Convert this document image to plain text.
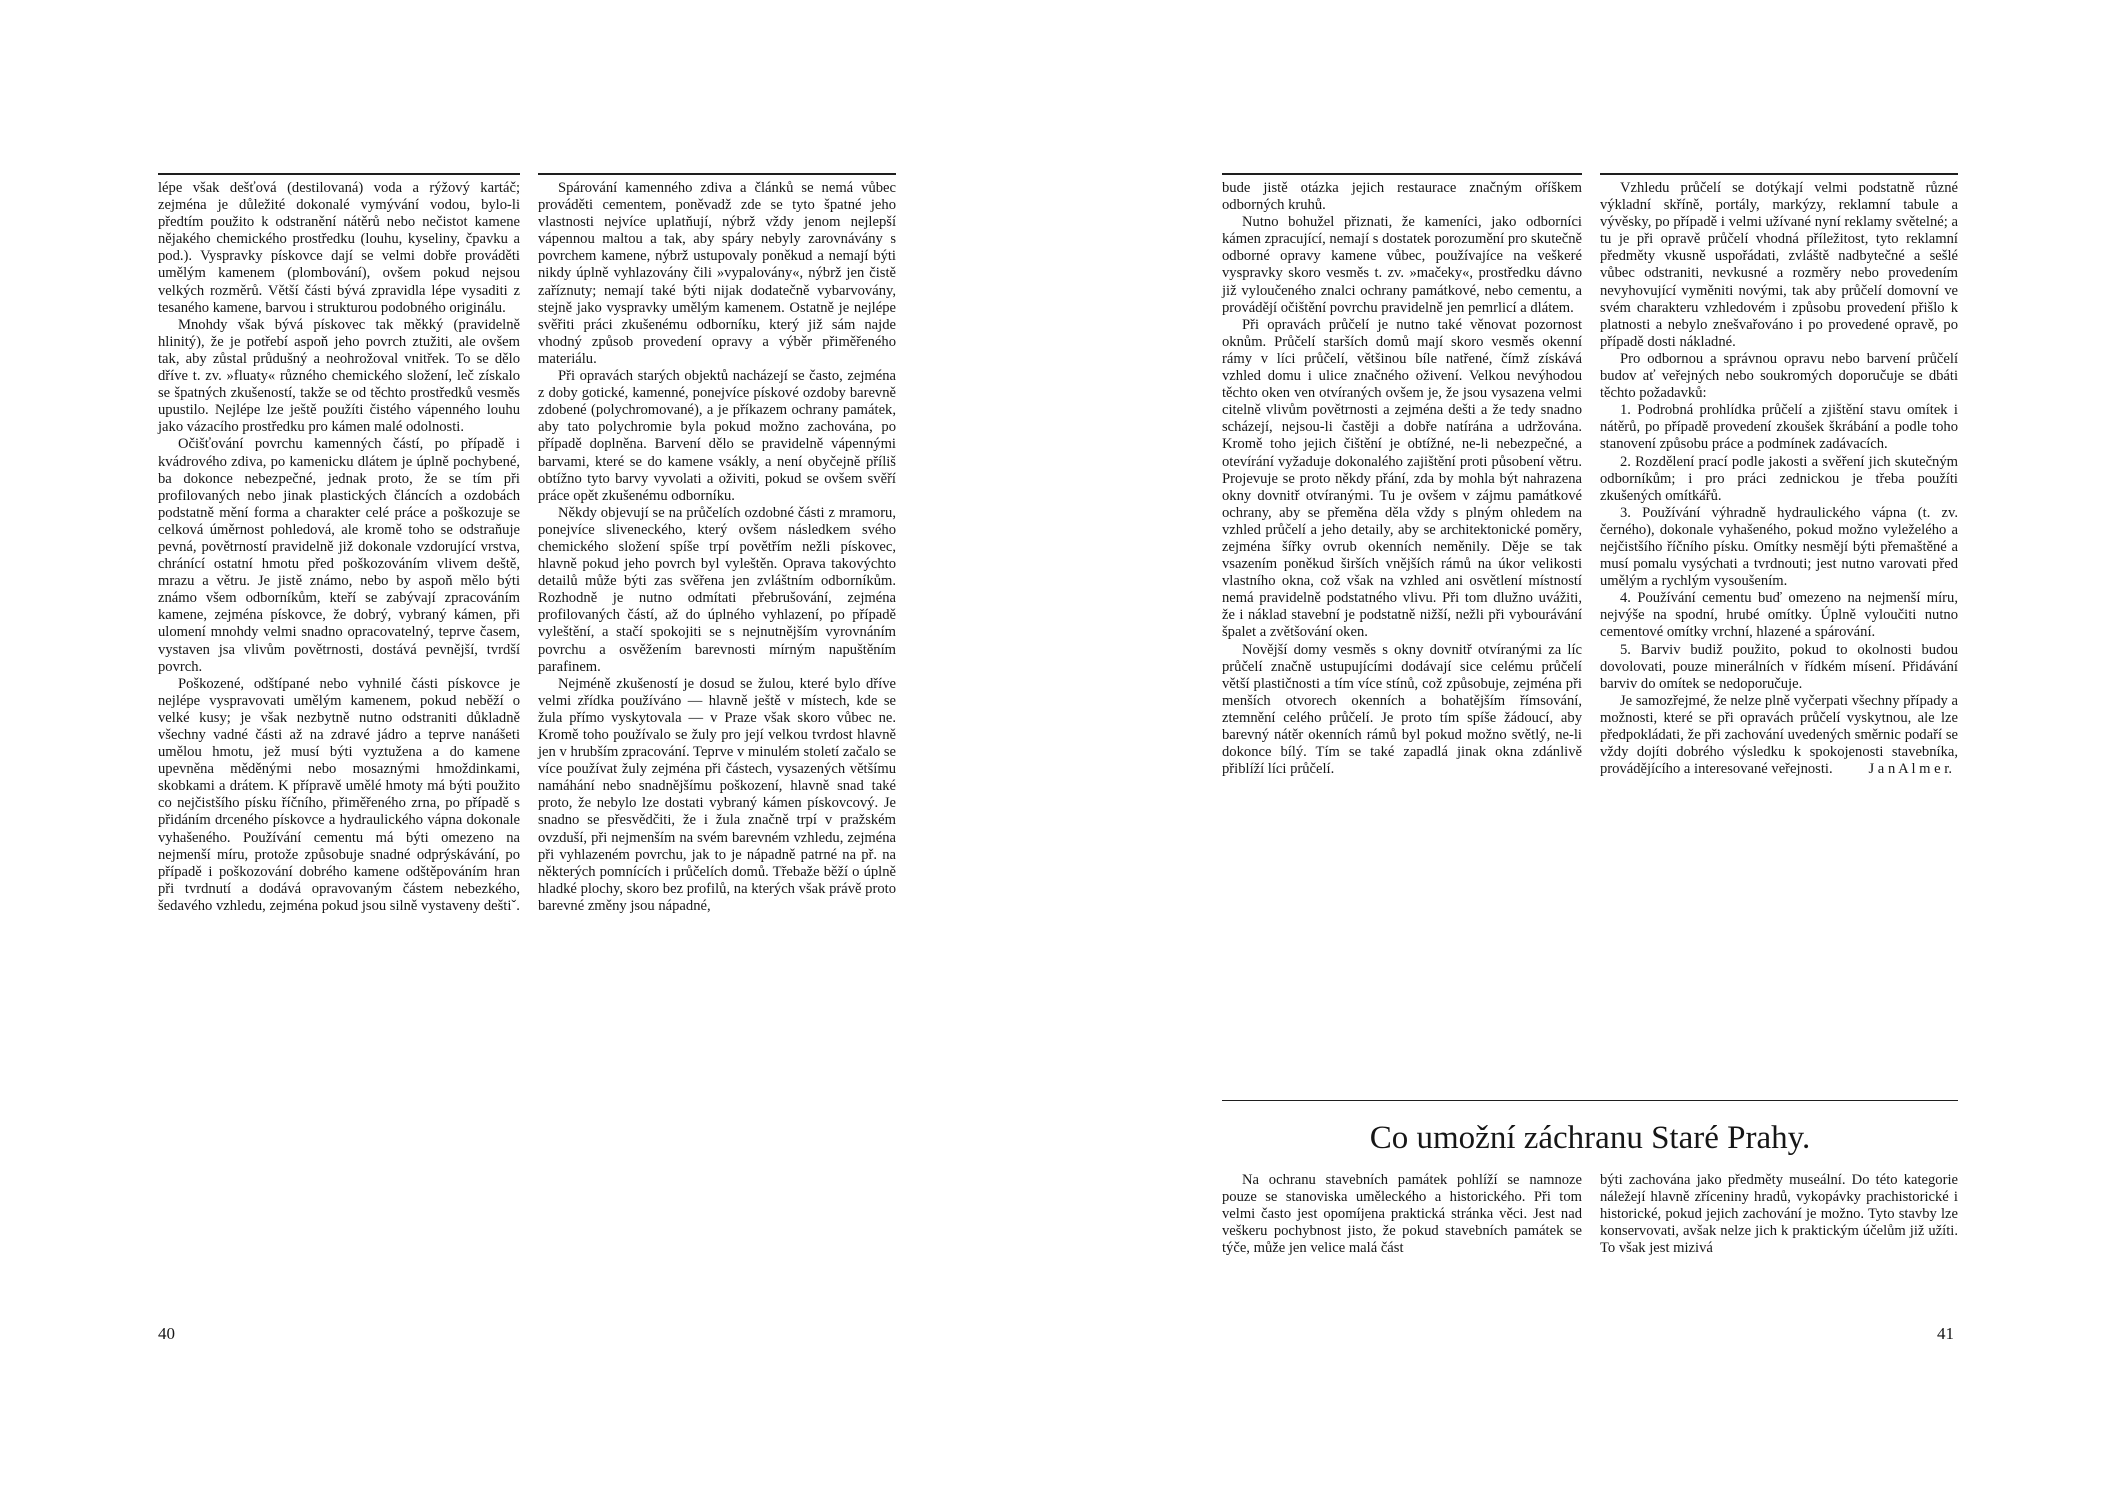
lépe však dešťová (destilovaná) voda a rýžový kartáč; zejména je důležité dokonalé vymývání vodou, bylo-li předtím použito k odstranění nátěrů nebo nečistot kamene nějakého chemického prostředku (louhu, kyseliny, čpavku a pod.). Vyspravky pískovce dají se velmi dobře prováděti umělým kamenem (plombování), ovšem pokud nejsou velkých rozměrů. Větší části bývá zpravidla lépe vysaditi z tesaného kamene, barvou i strukturou podobného originálu.

Mnohdy však bývá pískovec tak měkký (pravidelně hlinitý), že je potřebí aspoň jeho povrch ztužiti, ale ovšem tak, aby zůstal průdušný a neohrožoval vnitřek. To se dělo dříve t. zv. »fluaty« různého chemického složení, leč získalo se špatných zkušeností, takže se od těchto prostředků vesměs upustilo. Nejlépe lze ještě použíti čistého vápenného louhu jako vázacího prostředku pro kámen malé odolnosti.

Očišťování povrchu kamenných částí, po případě i kvádrového zdiva, po kamenicku dlátem je úplně pochybené, ba dokonce nebezpečné, jednak proto, že se tím při profilovaných nebo jinak plastických článcích a ozdobách podstatně mění forma a charakter celé práce a poškozuje se celková úměrnost pohledová, ale kromě toho se odstraňuje pevná, povětrností pravidelně již dokonale vzdorující vrstva, chránící ostatní hmotu před poškozováním vlivem deště, mrazu a větru. Je jistě známo, nebo by aspoň mělo býti známo všem odborníkům, kteří se zabývají zpracováním kamene, zejména pískovce, že dobrý, vybraný kámen, při ulomení mnohdy velmi snadno opracovatelný, teprve časem, vystaven jsa vlivům povětrnosti, dostává pevnější, tvrdší povrch.

Poškozené, odštípané nebo vyhnilé části pískovce je nejlépe vyspravovati umělým kamenem, pokud neběží o velké kusy; je však nezbytně nutno odstraniti důkladně všechny vadné části až na zdravé jádro a teprve nanášeti umělou hmotu, jež musí býti vyztužena a do kamene upevněna měděnými nebo mosaznými hmoždinkami, skobkami a drátem. K přípravě umělé hmoty má býti použito co nejčistšího písku říčního, přiměřeného zrna, po případě s přidáním drceného pískovce a hydraulického vápna dokonale vyhašeného. Používání cementu má býti omezeno na nejmenší míru, protože způsobuje snadné odprýskávání, po případě i poškozování dobrého kamene odštěpováním hran při tvrdnutí a dodává opravovaným částem nebezkého, šedavého vzhledu, zejména pokud jsou silně vystaveny deštiˇ.

Spárování kamenného zdiva a článků se nemá vůbec prováděti cementem, poněvadž zde se tyto špatné jeho vlastnosti nejvíce uplatňují, nýbrž vždy jenom nejlepší vápennou maltou a tak, aby spáry nebyly zarovnávány s povrchem kamene, nýbrž ustupovaly poněkud a nemají býti nikdy úplně vyhlazovány čili »vypalovány«, nýbrž jen čistě zaříznuty; nemají také býti nijak dodatečně vybarvovány, stejně jako vyspravky umělým kamenem. Ostatně je nejlépe svěřiti práci zkušenému odborníku, který již sám najde vhodný způsob provedení opravy a výběr přiměřeného materiálu.

Při opravách starých objektů nacházejí se často, zejména z doby gotické, kamenné, ponejvíce pískové ozdoby barevně zdobené (polychromované), a je příkazem ochrany památek, aby tato polychromie byla pokud možno zachována, po případě doplněna. Barvení dělo se pravidelně vápennými barvami, které se do kamene vsákly, a není obyčejně příliš obtížno tyto barvy vyvolati a oživiti, pokud se ovšem svěří práce opět zkušenému odborníku.

Někdy objevují se na průčelích ozdobné části z mramoru, ponejvíce sliveneckého, který ovšem následkem svého chemického složení spíše trpí povětřím nežli pískovec, hlavně pokud jeho povrch byl vyleštěn. Oprava takovýchto detailů může býti zas svěřena jen zvláštním odborníkům. Rozhodně je nutno odmítati přebrušování, zejména profilovaných částí, až do úplného vyhlazení, po případě vyleštění, a stačí spokojiti se s nejnutnějším vyrovnáním povrchu a osvěžením barevnosti mírným napuštěním parafinem.

Nejméně zkušeností je dosud se žulou, které bylo dříve velmi zřídka používáno — hlavně ještě v místech, kde se žula přímo vyskytovala — v Praze však skoro vůbec ne. Kromě toho používalo se žuly pro její velkou tvrdost hlavně jen v hrubším zpracování. Teprve v minulém století začalo se více používat žuly zejména při částech, vysazených většímu namáhání nebo snadnějšímu poškození, hlavně snad také proto, že nebylo lze dostati vybraný kámen pískovcový. Je snadno se přesvědčiti, že i žula značně trpí v pražském ovzduší, při nejmenším na svém barevném vzhledu, zejména při vyhlazeném povrchu, jak to je nápadně patrné na př. na některých pomnících i průčelích domů. Třebaže běží o úplně hladké plochy, skoro bez profilů, na kterých však právě proto barevné změny jsou nápadné,

40

bude jistě otázka jejich restaurace značným oříškem odborných kruhů.

Nutno bohužel přiznati, že kameníci, jako odborníci kámen zpracující, nemají s dostatek porozumění pro skutečně odborné opravy kamene vůbec, používajíce na veškeré vyspravky skoro vesměs t. zv. »mačeky«, prostředku dávno již vyloučeného znalci ochrany památkové, nebo cementu, a provádějí očištění povrchu pravidelně jen pemrlicí a dlátem.

Při opravách průčelí je nutno také věnovat pozornost oknům. Průčelí starších domů mají skoro vesměs okenní rámy v líci průčelí, většinou bíle natřené, čímž získává vzhled domu i ulice značného oživení. Velkou nevýhodou těchto oken ven otvíraných ovšem je, že jsou vysazena velmi citelně vlivům povětrnosti a zejména dešti a že tedy snadno scházejí, nejsou-li častěji a dobře natírána a udržována. Kromě toho jejich čištění je obtížné, ne-li nebezpečné, a otevírání vyžaduje dokonalého zajištění proti působení větru. Projevuje se proto někdy přání, zda by mohla být nahrazena okny dovnitř otvíranými. Tu je ovšem v zájmu památkové ochrany, aby se přeměna děla vždy s plným ohledem na vzhled průčelí a jeho detaily, aby se architektonické poměry, zejména šířky ovrub okenních neměnily. Děje se tak vsazením poněkud širších vnějších rámů na úkor velikosti vlastního okna, což však na vzhled ani osvětlení místností nemá pravidelně podstatného vlivu. Při tom dlužno uvážiti, že i náklad stavební je podstatně nižší, nežli při vybourávání špalet a zvětšování oken.

Novější domy vesměs s okny dovnitř otvíranými za líc průčelí značně ustupujícími dodávají sice celému průčelí větší plastičnosti a tím více stínů, což způsobuje, zejména při menších otvorech okenních a bohatějším římsování, ztemnění celého průčelí. Je proto tím spíše žádoucí, aby barevný nátěr okenních rámů byl pokud možno světlý, ne-li dokonce bílý. Tím se také zapadlá jinak okna zdánlivě přiblíží líci průčelí.

Vzhledu průčelí se dotýkají velmi podstatně různé výkladní skříně, portály, markýzy, reklamní tabule a vývěsky, po případě i velmi užívané nyní reklamy světelné; a tu je při opravě průčelí vhodná příležitost, tyto reklamní předměty vkusně uspořádati, zvláště nadbytečné a sešlé vůbec odstraniti, nevkusné a rozměry nebo provedením nevyhovující vyměniti novými, tak aby průčelí domovní ve svém charakteru vzhledovém i způsobu provedení přišlo k platnosti a nebylo znešvařováno i po provedené opravě, po případě dosti nákladné.

Pro odbornou a správnou opravu nebo barvení průčelí budov ať veřejných nebo soukromých doporučuje se dbáti těchto požadavků:

1. Podrobná prohlídka průčelí a zjištění stavu omítek i nátěrů, po případě provedení zkoušek škrábání a podle toho stanovení způsobu práce a podmínek zadávacích.

2. Rozdělení prací podle jakosti a svěření jich skutečným odborníkům; i pro práci zednickou je třeba použíti zkušených omítkářů.

3. Používání výhradně hydraulického vápna (t. zv. černého), dokonale vyhašeného, pokud možno vyleželého a nejčistšího říčního písku. Omítky nesmějí býti přemaštěné a musí pomalu vysýchati a tvrdnouti; jest nutno varovati před umělým a rychlým vysoušením.

4. Používání cementu buď omezeno na nejmenší míru, nejvýše na spodní, hrubé omítky. Úplně vyloučiti nutno cementové omítky vrchní, hlazené a spárování.

5. Barviv budiž použito, pokud to okolnosti budou dovolovati, pouze minerálních v řídkém mísení. Přidávání barviv do omítek se nedoporučuje.

Je samozřejmé, že nelze plně vyčerpati všechny případy a možnosti, které se při opravách průčelí vyskytnou, ale lze předpokládati, že při zachování uvedených směrnic podaří se vždy dojíti dobrého výsledku k spokojenosti stavebníka, provádějícího a interesované veřejnosti.	J a n A l m e r.

Co umožní záchranu Staré Prahy.

Na ochranu stavebních památek pohlíží se namnoze pouze se stanoviska uměleckého a historického. Při tom velmi často jest opomíjena praktická stránka věci. Jest nad veškeru pochybnost jisto, že pokud stavebních památek se týče, může jen velice malá část

býti zachována jako předměty museální. Do této kategorie náležejí hlavně zříceniny hradů, vykopávky prachistorické i historické, pokud jejich zachování je možno. Tyto stavby lze konservovati, avšak nelze jich k praktickým účelům již užíti. To však jest mizivá

41
